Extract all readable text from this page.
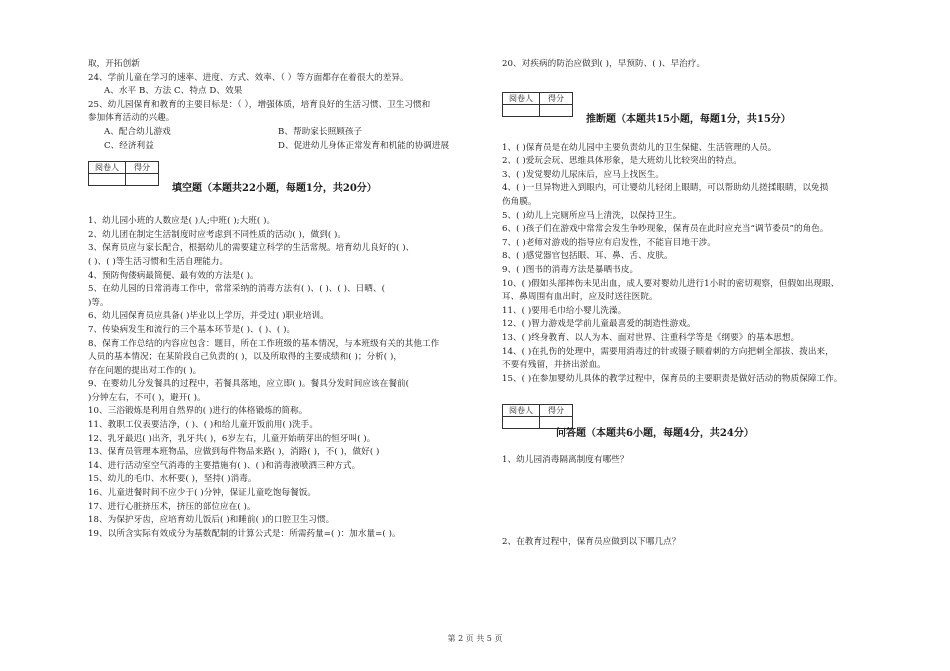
取，开拓创新
24、学前儿童在学习的速率、进度、方式、效率、（ ）等方面都存在着很大的差异。
A、水平 B、方法 C、特点 D、效果
25、幼儿园保育和教育的主要目标是：（ ），增强体质，培育良好的生活习惯、卫生习惯和
参加体育活动的兴趣。
A、配合幼儿游戏	B、帮助家长照顾孩子
C、经济利益	D、促进幼儿身体正常发育和机能的协调进展
阅卷人	得分

填空题（本题共22小题，每题1分，共20分）
1、幼儿园小班的人数应是( )人;中班( );大班( )。
2、幼儿团在制定生活制度时应考虑到不同性质的活动( )，做到( )。
3、保育员应与家长配合，根据幼儿的需要建立科学的生活常规。培育幼儿良好的( )、
( )、( )等生活习惯和生活自理能力。
4、预防佝偻病最简便、最有效的方法是( )。
5、在幼儿园的日常消毒工作中，常常采纳的消毒方法有( )、( )、( )、日晒、(
)等。
6、幼儿园保育员应具备( )毕业以上学历，并受过( )职业培训。
7、传染病发生和流行的三个基本环节是( )、( )、( )。
8、保育工作总结的内容应包含：题目，所在工作班级的基本情况，与本班级有关的其他工作
人员的基本情况；在某阶段自己负责的( )，以及所取得的主要成绩和( )；分析( )，
存在问题的提出对工作的( )。
9、在婴幼儿分发餐具的过程中，若餐具落地，应立即( )。餐具分发时间应该在餐前(
)分钟左右，不可( )，避开( )。
10、三浴锻炼是利用自然界的( )进行的体格锻炼的简称。
11、教职工仪表要洁净，( )、( )和给儿童开饭前用( )洗手。
12、乳牙最迟( )出齐，乳牙共( )，6岁左右，儿童开始萌芽出的恒牙叫( )。
13、保育员管理本班物品，应做到每件物品来路( )，消路( )，不( )，做好( )
14、进行活动室空气消毒的主要措施有( )、( )和消毒液喷洒三种方式。
15、幼儿的毛巾、水杯要( )，坚持( )消毒。
16、儿童进餐时间不应少于( )分钟，保证儿童吃饱每餐饭。
17、进行心脏挤压术，挤压的部位应在( )。
18、为保护牙齿，应培育幼儿饭后( )和睡前( )的口腔卫生习惯。
19、以所含实际有效成分为基数配制的计算公式是：所需药量=( )：加水量=( )。
20、对疾病的防治应做到( )，早预防、( )、早治疗。
阅卷人	得分

推断题（本题共15小题，每题1分，共15分）
1、( )保育员是在幼儿园中主要负责幼儿的卫生保健、生活管理的人员。
2、( )爱玩会玩、思维具体形象，是大班幼儿比较突出的特点。
3、( )发觉婴幼儿尿床后，应马上找医生。
4、( )一旦异物进入到眼内，可让婴幼儿轻闭上眼睛，可以帮助幼儿搓揉眼睛，以免损
伤角膜。
5、( )幼儿上完厕所应马上清洗，以保持卫生。
6、( )孩子们在游戏中常常会发生争吵现象，保育员在此时应充当“调节委员”的角色。
7、( )老师对游戏的指导应有启发性，不能盲目地干涉。
8、( )感觉器官包括眼、耳、鼻、舌、皮肤。
9、( )图书的消毒方法是暴晒书皮。
10、( )假如头部摔伤未见出血，成人要对婴幼儿进行1小时的密切观察，但假如出现眼、
耳、鼻周围有血出时，应及时送往医院。
11、( )要用毛巾给小婴儿洗澡。
12、( )智力游戏是学前儿童最喜爱的制造性游戏。
13、( )终身教育、以人为本、面对世界、注重科学等是《纲要》的基本思想。
14、( )在扎伤的处理中，需要用消毒过的针或镊子顺着刺的方向把刺全部拔、拨出来，
不要有残留，并挤出淤血。
15、( )在参加婴幼儿具体的教学过程中，保育员的主要职责是做好活动的物质保障工作。
阅卷人	得分

问答题（本题共6小题，每题4分，共24分）
1、幼儿园消毒隔离制度有哪些？
2、在教育过程中，保育员应做到以下哪几点？
第 2 页 共 5 页
